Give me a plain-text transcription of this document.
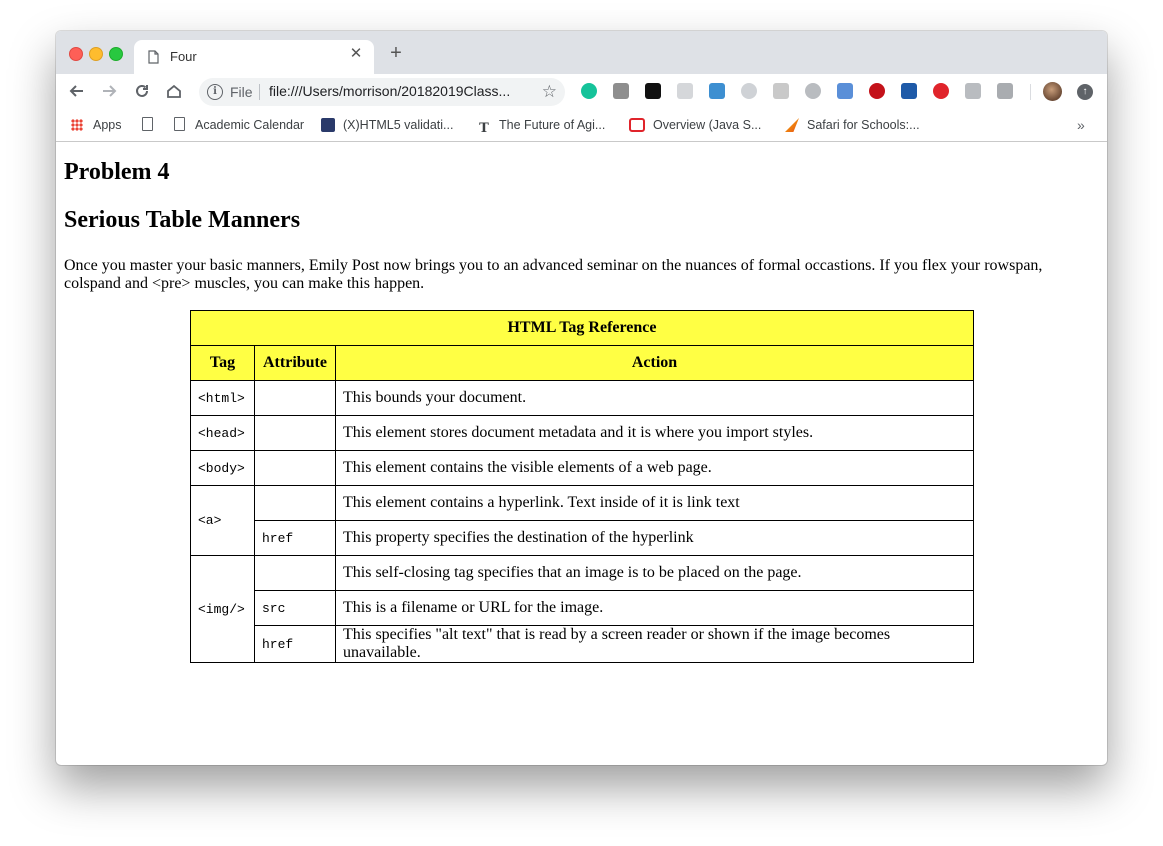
Four	✕ +
i File file:///Users/morrison/20182019Class... ☆	↑
Apps	Academic Calendar	(X)HTML5 validati... T The Future of Agi...	Overview (Java S...	Safari for Schools:...	»
Problem 4
Serious Table Manners

Once you master your basic manners, Emily Post now brings you to an advanced seminar on the nuances of formal occastions. If you flex your rowspan, colspand and <pre> muscles, you can make this happen.

HTML Tag Reference		
Tag	Attribute	Action
<html>		This bounds your document.
<head>		This element stores document metadata and it is where you import styles.
<body>		This element contains the visible elements of a web page.
<a>		This element contains a hyperlink. Text inside of it is link text
	href	This property specifies the destination of the hyperlink
<img/>		This self-closing tag specifies that an image is to be placed on the page.
	src	This is a filename or URL for the image.
	href	This specifies "alt text" that is read by a screen reader or shown if the image becomes unavailable.
